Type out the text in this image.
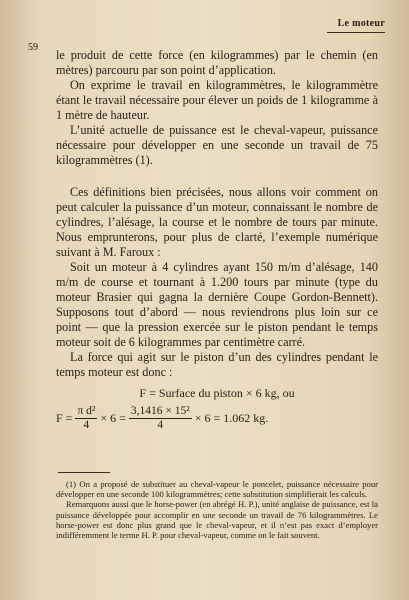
Le moteur
59

le produit de cette force (en kilogrammes) par le chemin (en mètres) parcouru par son point d’application.

On exprime le travail en kilogrammètres, le kilogrammètre étant le travail nécessaire pour élever un poids de 1 kilogramme à 1 mètre de hauteur.

L’unité actuelle de puissance est le cheval-vapeur, puissance nécessaire pour développer en une seconde un travail de 75 kilogrammètres (1).

Ces définitions bien précisées, nous allons voir comment on peut calculer la puissance d’un moteur, connaissant le nombre de cylindres, l’alésage, la course et le nombre de tours par minute. Nous emprunterons, pour plus de clarté, l’exemple numérique suivant à M. Faroux :

Soit un moteur à 4 cylindres ayant 150 m/m d’alésage, 140 m/m de course et tournant à 1.200 tours par minute (type du moteur Brasier qui gagna la dernière Coupe Gordon-Bennett). Supposons tout d’abord — nous reviendrons plus loin sur ce point — que la pression exercée sur le piston pendant le temps moteur soit de 6 kilogrammes par centimètre carré.

La force qui agit sur le piston d’un des cylindres pendant le temps moteur est donc :

F = Surface du piston × 6 kg, ou
$F = \frac{\text{π d²}}{4} \times 6 = \frac{\text{3,1416 × 15²}}{4} \times 6 = 1.062$ kg.

(1) On a proposé de substituer au cheval-vapeur le poncelet, puissance nécessaire pour développer en une seconde 100 kilogrammètres; cette substitution simplifierait les calculs.

Remarquons aussi que le horse-power (en abrégé H. P.), unité anglaise de puissance, est la puissance développée pour accomplir en une seconde un travail de 76 kilogrammètres. Le horse-power est donc plus grand que le cheval-vapeur, et il n’est pas exact d’employer indifféremment le terme H. P. pour cheval-vapeur, comme on le fait souvent.
